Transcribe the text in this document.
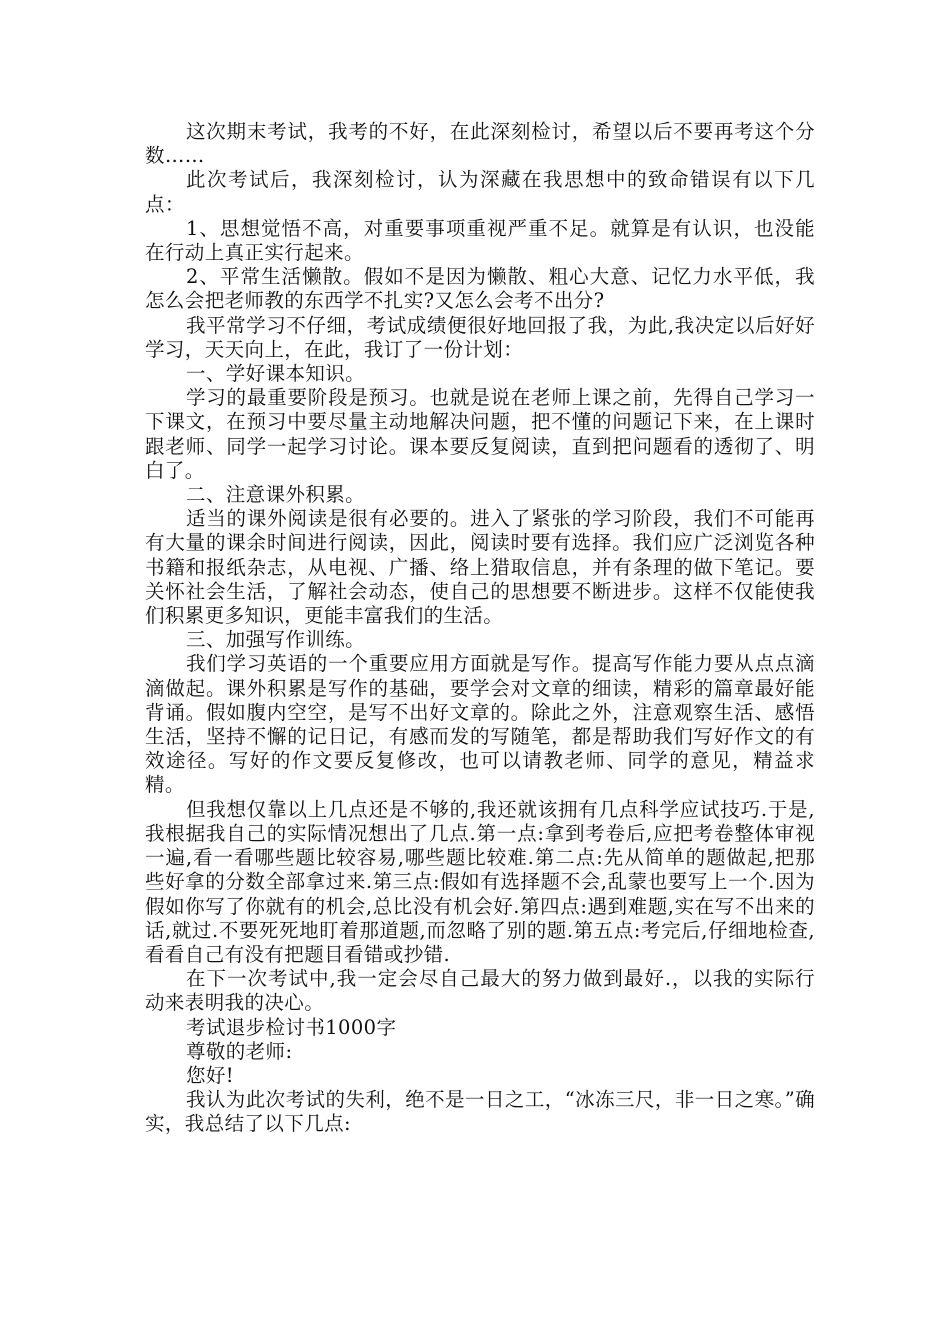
这次期末考试，我考的不好，在此深刻检讨，希望以后不要再考这个分数……

此次考试后，我深刻检讨，认为深藏在我思想中的致命错误有以下几点：

1、思想觉悟不高，对重要事项重视严重不足。就算是有认识，也没能在行动上真正实行起来。

2、平常生活懒散。假如不是因为懒散、粗心大意、记忆力水平低，我怎么会把老师教的东西学不扎实?又怎么会考不出分?

我平常学习不仔细，考试成绩便很好地回报了我，为此,我决定以后好好学习，天天向上，在此，我订了一份计划：

一、学好课本知识。

学习的最重要阶段是预习。也就是说在老师上课之前，先得自己学习一下课文，在预习中要尽量主动地解决问题，把不懂的问题记下来，在上课时跟老师、同学一起学习讨论。课本要反复阅读，直到把问题看的透彻了、明白了。

二、注意课外积累。

适当的课外阅读是很有必要的。进入了紧张的学习阶段，我们不可能再有大量的课余时间进行阅读，因此，阅读时要有选择。我们应广泛浏览各种书籍和报纸杂志，从电视、广播、络上猎取信息，并有条理的做下笔记。要关怀社会生活，了解社会动态，使自己的思想要不断进步。这样不仅能使我们积累更多知识，更能丰富我们的生活。

三、加强写作训练。

我们学习英语的一个重要应用方面就是写作。提高写作能力要从点点滴滴做起。课外积累是写作的基础，要学会对文章的细读，精彩的篇章最好能背诵。假如腹内空空，是写不出好文章的。除此之外，注意观察生活、感悟生活，坚持不懈的记日记，有感而发的写随笔，都是帮助我们写好作文的有效途径。写好的作文要反复修改，也可以请教老师、同学的意见，精益求精。

但我想仅靠以上几点还是不够的,我还就该拥有几点科学应试技巧.于是,我根据我自己的实际情况想出了几点.第一点:拿到考卷后,应把考卷整体审视一遍,看一看哪些题比较容易,哪些题比较难.第二点:先从简单的题做起,把那些好拿的分数全部拿过来.第三点:假如有选择题不会,乱蒙也要写上一个.因为假如你写了你就有的机会,总比没有机会好.第四点:遇到难题,实在写不出来的话,就过.不要死死地盯着那道题,而忽略了别的题.第五点:考完后,仔细地检查,看看自己有没有把题目看错或抄错.

在下一次考试中,我一定会尽自己最大的努力做到最好.，以我的实际行动来表明我的决心。

考试退步检讨书1000字

尊敬的老师:

您好!

我认为此次考试的失利，绝不是一日之工，“冰冻三尺，非一日之寒。”确实，我总结了以下几点:
